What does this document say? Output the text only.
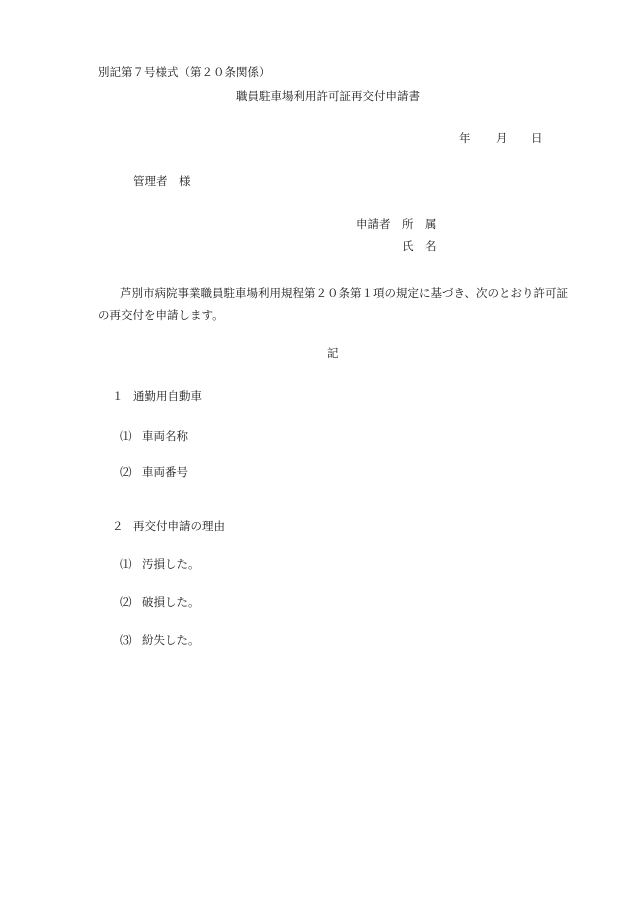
別記第７号様式（第２０条関係）
職員駐車場利用許可証再交付申請書
年 月 日
管理者　様
申請者 所　属
氏　名
芦別市病院事業職員駐車場利用規程第２０条第１項の規定に基づき、次のとおり許可証の再交付を申請します。
記
１ 通勤用自動車
⑴ 車両名称
⑵ 車両番号
２ 再交付申請の理由
⑴ 汚損した。
⑵ 破損した。
⑶ 紛失した。
